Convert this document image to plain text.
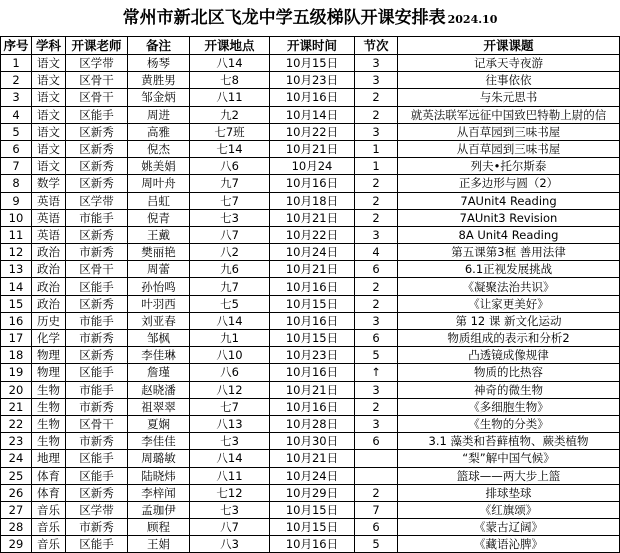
常州市新北区飞龙中学五级梯队开课安排表 2024.10
序号	学科	开课老师	备注	开课地点	开课时间	节次	开课课题
1	语文	区学带	杨琴	八14	10月15日	3	记承天寺夜游
2	语文	区骨干	黄胜男	七8	10月23日	3	往事依依
3	语文	区骨干	邹金炳	八11	10月16日	2	与朱元思书
4	语文	区能手	周进	九2	10月14日	2	就英法联军远征中国致巴特勒上尉的信
5	语文	区新秀	高雅	七7班	10月22日	3	从百草园到三味书屋
6	语文	区新秀	倪杰	七14	10月21日	1	从百草园到三味书屋
7	语文	区新秀	姚美娟	八6	10月24	1	列夫•托尔斯泰
8	数学	区新秀	周叶舟	九7	10月16日	2	正多边形与圆（2）
9	英语	区学带	吕虹	七7	10月18日	2	7AUnit4 Reading
10	英语	市能手	倪青	七3	10月21日	2	7AUnit3 Revision
11	英语	区新秀	王戴	八7	10月22日	3	8A Unit4 Reading
12	政治	市新秀	樊丽艳	八2	10月24日	4	第五课第3框 善用法律
13	政治	区骨干	周蕾	九6	10月21日	6	6.1正视发展挑战
14	政治	区能手	孙怡鸣	九7	10月16日	2	《凝聚法治共识》
15	政治	区新秀	叶羽西	七5	10月15日	2	《让家更美好》
16	历史	市能手	刘亚春	八14	10月16日	3	第 12 课 新文化运动
17	化学	市新秀	邹枫	九1	10月15日	6	物质组成的表示和分析2
18	物理	区新秀	李佳琳	八10	10月23日	5	凸透镜成像规律
19	物理	区能手	詹瑾	八6	10月16日	↑	物质的比热容
20	生物	市能手	赵晓潘	八12	10月21日	3	神奇的微生物
21	生物	市新秀	祖翠翠	七7	10月16日	2	《多细胞生物》
22	生物	区骨干	夏娴	八13	10月28日	3	《生物的分类》
23	生物	市新秀	李佳佳	七3	10月30日	6	3.1 藻类和苔藓植物、蕨类植物
24	地理	区能手	周璐敏	八14	10月21日		“梨”解中国气候》
25	体育	区能手	陆晓炜	八11	10月24日		篮球——两大步上篮
26	体育	区新秀	李梓闻	七12	10月29日	2	排球垫球
27	音乐	区学带	孟珈伊	七3	10月15日	7	《红旗颂》
28	音乐	市新秀	顾程	八7	10月15日	6	《蒙古辽阔》
29	音乐	区能手	王娟	八3	10月16日	5	《藏语沁脾》
